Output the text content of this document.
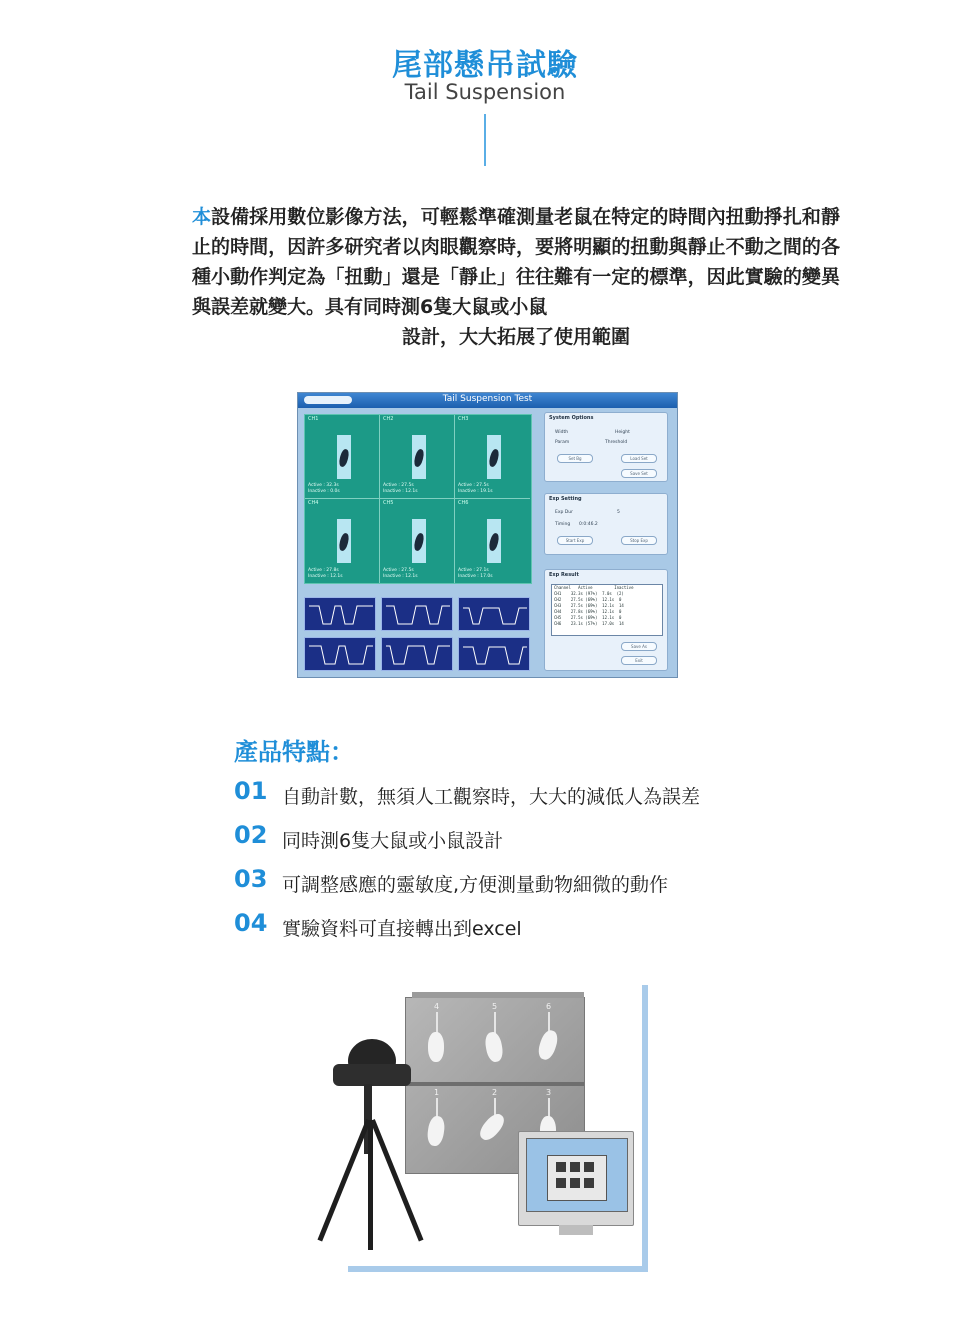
尾部懸吊試驗
Tail Suspension
本設備採用數位影像方法，可輕鬆準確測量老鼠在特定的時間內扭動掙扎和靜止的時間，因許多研究者以肉眼觀察時，要將明顯的扭動與靜止不動之間的各種小動作判定為「扭動」還是「靜止」往往難有一定的標準，因此實驗的變異與誤差就變大。具有同時測6隻大鼠或小鼠
設計，大大拓展了使用範圍
Tail Suspension Test
CH1
Active : 32.3s
Inactive : 0.0s
CH2
Active : 27.5s
Inactive : 12.1s
CH3
Active : 27.5s
Inactive : 19.1s
CH4
Active : 27.8s
Inactive : 12.1s
CH5
Active : 27.5s
Inactive : 12.1s
CH6
Active : 27.1s
Inactive : 17.0s
System Options
Width	Height
Param	Threshold
Set Bg	Load Set
Save Set
Exp Setting
Exp Dur	5
Timing 0:0:46.2
Start Exp	Stop Exp
Exp Result
Channel   Active         Inactive
CH1    32.3s (97%)  7.0s  (2)
CH2    27.5s (69%)  12.1s  0
CH3    27.5s (69%)  12.1s  14
CH4    27.8s (69%)  12.1s  0
CH5    27.5s (69%)  12.1s  0
CH6    23.1s (57%)  17.0s  14
Save As
Exit
產品特點：
01 自動計數，無須人工觀察時，大大的減低人為誤差
02 同時測6隻大鼠或小鼠設計
03 可調整感應的靈敏度,方便測量動物細微的動作
04 實驗資料可直接轉出到excel
4	5	6
1	2	3
